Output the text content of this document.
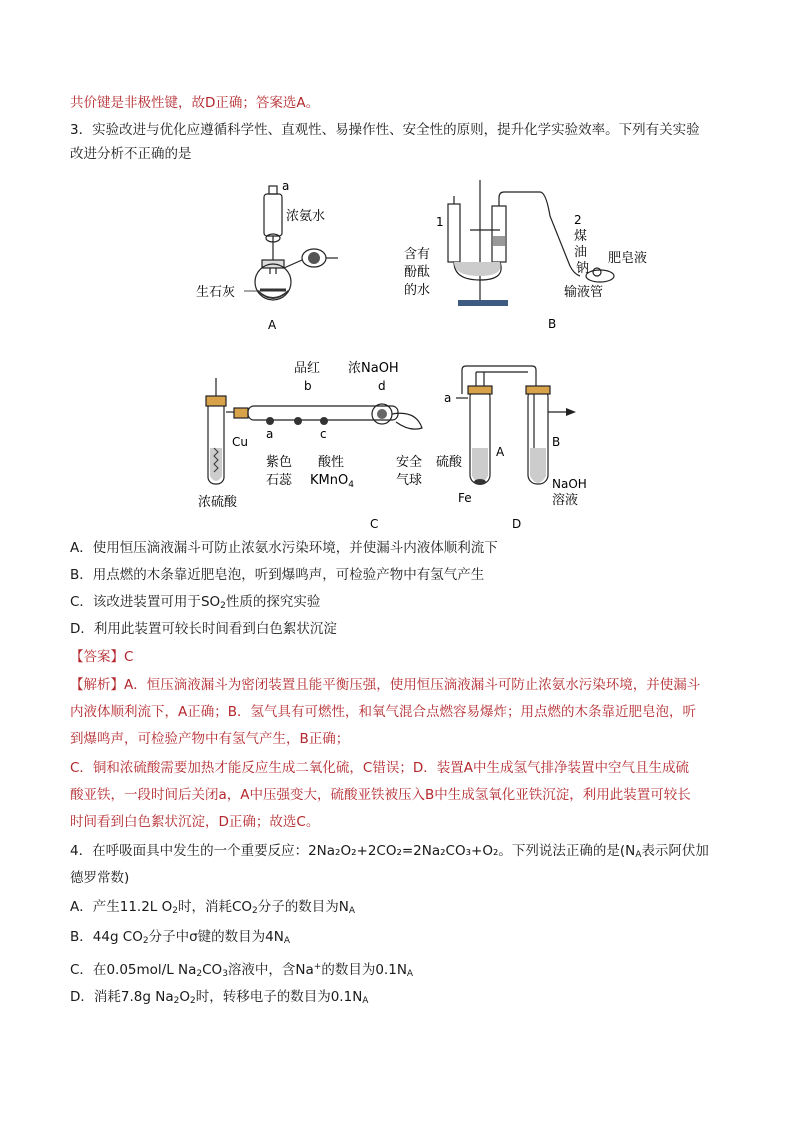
共价键是非极性键，故D正确；答案选A。
3．实验改进与优化应遵循科学性、直观性、易操作性、安全性的原则，提升化学实验效率。下列有关实验
改进分析不正确的是
a
浓氨水
生石灰
A
1	2
煤
油
含有
酚酞
的水
钠
肥皂液
输液管
B
品红
b
浓NaOH
d
Cu
a
紫色
石蕊
c
酸性
KMnO$_4$
安全
气球
浓硫酸
C
a
A
B
硫酸
Fe
NaOH
溶液
D
A．使用恒压滴液漏斗可防止浓氨水污染环境，并使漏斗内液体顺利流下
B．用点燃的木条靠近肥皂泡，听到爆鸣声，可检验产物中有氢气产生
C．该改进装置可用于$SO_2$性质的探究实验
D．利用此装置可较长时间看到白色絮状沉淀
【答案】C
【解析】A．恒压滴液漏斗为密闭装置且能平衡压强，使用恒压滴液漏斗可防止浓氨水污染环境，并使漏斗
内液体顺利流下，A正确；B．氢气具有可燃性，和氧气混合点燃容易爆炸；用点燃的木条靠近肥皂泡，听
到爆鸣声，可检验产物中有氢气产生，B正确；
C．铜和浓硫酸需要加热才能反应生成二氧化硫，C错误；D．装置A中生成氢气排净装置中空气且生成硫
酸亚铁，一段时间后关闭a，A中压强变大，硫酸亚铁被压入B中生成氢氧化亚铁沉淀，利用此装置可较长
时间看到白色絮状沉淀，D正确；故选C。
4．在呼吸面具中发生的一个重要反应：2Na₂O₂+2CO₂=2Na₂CO₃+O₂。下列说法正确的是($N_A$表示阿伏加
德罗常数)
A．产生11.2L $O_2$时，消耗$CO_2$分子的数目为$N_A$
B．44g $CO_2$分子中σ键的数目为$4N_A$
C．在0.05mol/L $Na_2CO_3$溶液中，含Na+的数目为$0.1N_A$
D．消耗7.8g $Na_2O_2$时，转移电子的数目为$0.1N_A$
